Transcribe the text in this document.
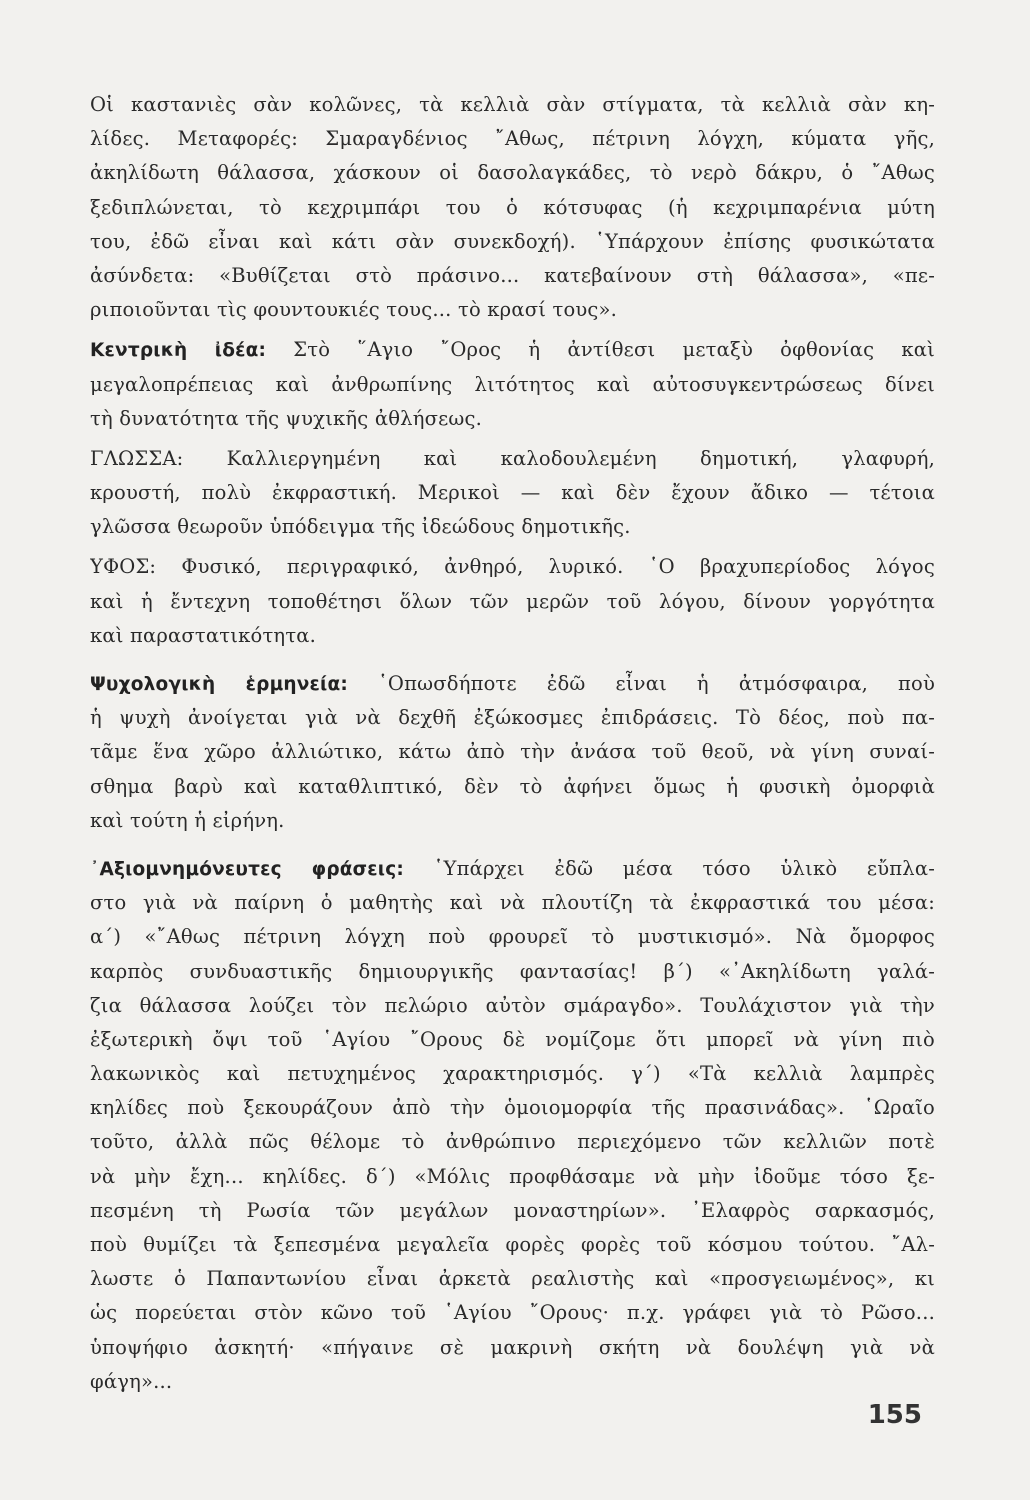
Οἱ καστανιὲς σὰν κολῶνες, τὰ κελλιὰ σὰν στίγματα, τὰ κελλιὰ σὰν κη-
λίδες. Μεταφορές: Σμαραγδένιος ῎Αθως, πέτρινη λόγχη, κύματα γῆς,
ἀκηλίδωτη θάλασσα, χάσκουν οἱ δασολαγκάδες, τὸ νερὸ δάκρυ, ὁ ῎Αθως
ξεδιπλώνεται, τὸ κεχριμπάρι του ὁ κότσυφας (ἡ κεχριμπαρένια μύτη
του, ἐδῶ εἶναι καὶ κάτι σὰν συνεκδοχή). ῾Υπάρχουν ἐπίσης φυσικώτατα
ἀσύνδετα: «Βυθίζεται στὸ πράσινο... κατεβαίνουν στὴ θάλασσα», «πε-
ριποιοῦνται τὶς φουντουκιές τους... τὸ κρασί τους».
Κεντρικὴ ἰδέα: Στὸ ῞Αγιο ῎Ορος ἡ ἀντίθεσι μεταξὺ ὀφθονίας καὶ
μεγαλοπρέπειας καὶ ἀνθρωπίνης λιτότητος καὶ αὐτοσυγκεντρώσεως δίνει
τὴ δυνατότητα τῆς ψυχικῆς ἀθλήσεως.
ΓΛΩΣΣΑ: Καλλιεργημένη καὶ καλοδουλεμένη δημοτική, γλαφυρή,
κρουστή, πολὺ ἐκφραστική. Μερικοὶ — καὶ δὲν ἔχουν ἄδικο — τέτοια
γλῶσσα θεωροῦν ὑπόδειγμα τῆς ἰδεώδους δημοτικῆς.
ΥΦΟΣ: Φυσικό, περιγραφικό, ἀνθηρό, λυρικό. ῾Ο βραχυπερίοδος λόγος
καὶ ἡ ἔντεχνη τοποθέτησι ὅλων τῶν μερῶν τοῦ λόγου, δίνουν γοργότητα
καὶ παραστατικότητα.
Ψυχολογικὴ ἑρμηνεία: ῾Οπωσδήποτε ἐδῶ εἶναι ἡ ἀτμόσφαιρα, ποὺ
ἡ ψυχὴ ἀνοίγεται γιὰ νὰ δεχθῆ ἐξώκοσμες ἐπιδράσεις. Τὸ δέος, ποὺ πα-
τᾶμε ἕνα χῶρο ἀλλιώτικο, κάτω ἀπὸ τὴν ἀνάσα τοῦ θεοῦ, νὰ γίνη συναί-
σθημα βαρὺ καὶ καταθλιπτικό, δὲν τὸ ἀφήνει ὅμως ἡ φυσικὴ ὀμορφιὰ
καὶ τούτη ἡ εἰρήνη.
᾿Αξιομνημόνευτες φράσεις: ῾Υπάρχει ἐδῶ μέσα τόσο ὑλικὸ εὔπλα-
στο γιὰ νὰ παίρνη ὁ μαθητὴς καὶ νὰ πλουτίζη τὰ ἐκφραστικά του μέσα:
α΄) «῎Αθως πέτρινη λόγχη ποὺ φρουρεῖ τὸ μυστικισμό». Νὰ ὄμορφος
καρπὸς συνδυαστικῆς δημιουργικῆς φαντασίας! β΄) «᾿Ακηλίδωτη γαλά-
ζια θάλασσα λούζει τὸν πελώριο αὐτὸν σμάραγδο». Τουλάχιστον γιὰ τὴν
ἐξωτερικὴ ὄψι τοῦ ῾Αγίου ῎Ορους δὲ νομίζομε ὅτι μπορεῖ νὰ γίνη πιὸ
λακωνικὸς καὶ πετυχημένος χαρακτηρισμός. γ΄) «Τὰ κελλιὰ λαμπρὲς
κηλίδες ποὺ ξεκουράζουν ἀπὸ τὴν ὁμοιομορφία τῆς πρασινάδας». ῾Ωραῖο
τοῦτο, ἀλλὰ πῶς θέλομε τὸ ἀνθρώπινο περιεχόμενο τῶν κελλιῶν ποτὲ
νὰ μὴν ἔχη... κηλίδες. δ΄) «Μόλις προφθάσαμε νὰ μὴν ἰδοῦμε τόσο ξε-
πεσμένη τὴ Ρωσία τῶν μεγάλων μοναστηρίων». ᾿Ελαφρὸς σαρκασμός,
ποὺ θυμίζει τὰ ξεπεσμένα μεγαλεῖα φορὲς φορὲς τοῦ κόσμου τούτου. ῎Αλ-
λωστε ὁ Παπαντωνίου εἶναι ἀρκετὰ ρεαλιστὴς καὶ «προσγειωμένος», κι
ὡς πορεύεται στὸν κῶνο τοῦ ῾Αγίου ῎Ορους· π.χ. γράφει γιὰ τὸ Ρῶσο...
ὑποψήφιο ἀσκητή· «πήγαινε σὲ μακρινὴ σκήτη νὰ δουλέψη γιὰ νὰ
φάγη»...
155
